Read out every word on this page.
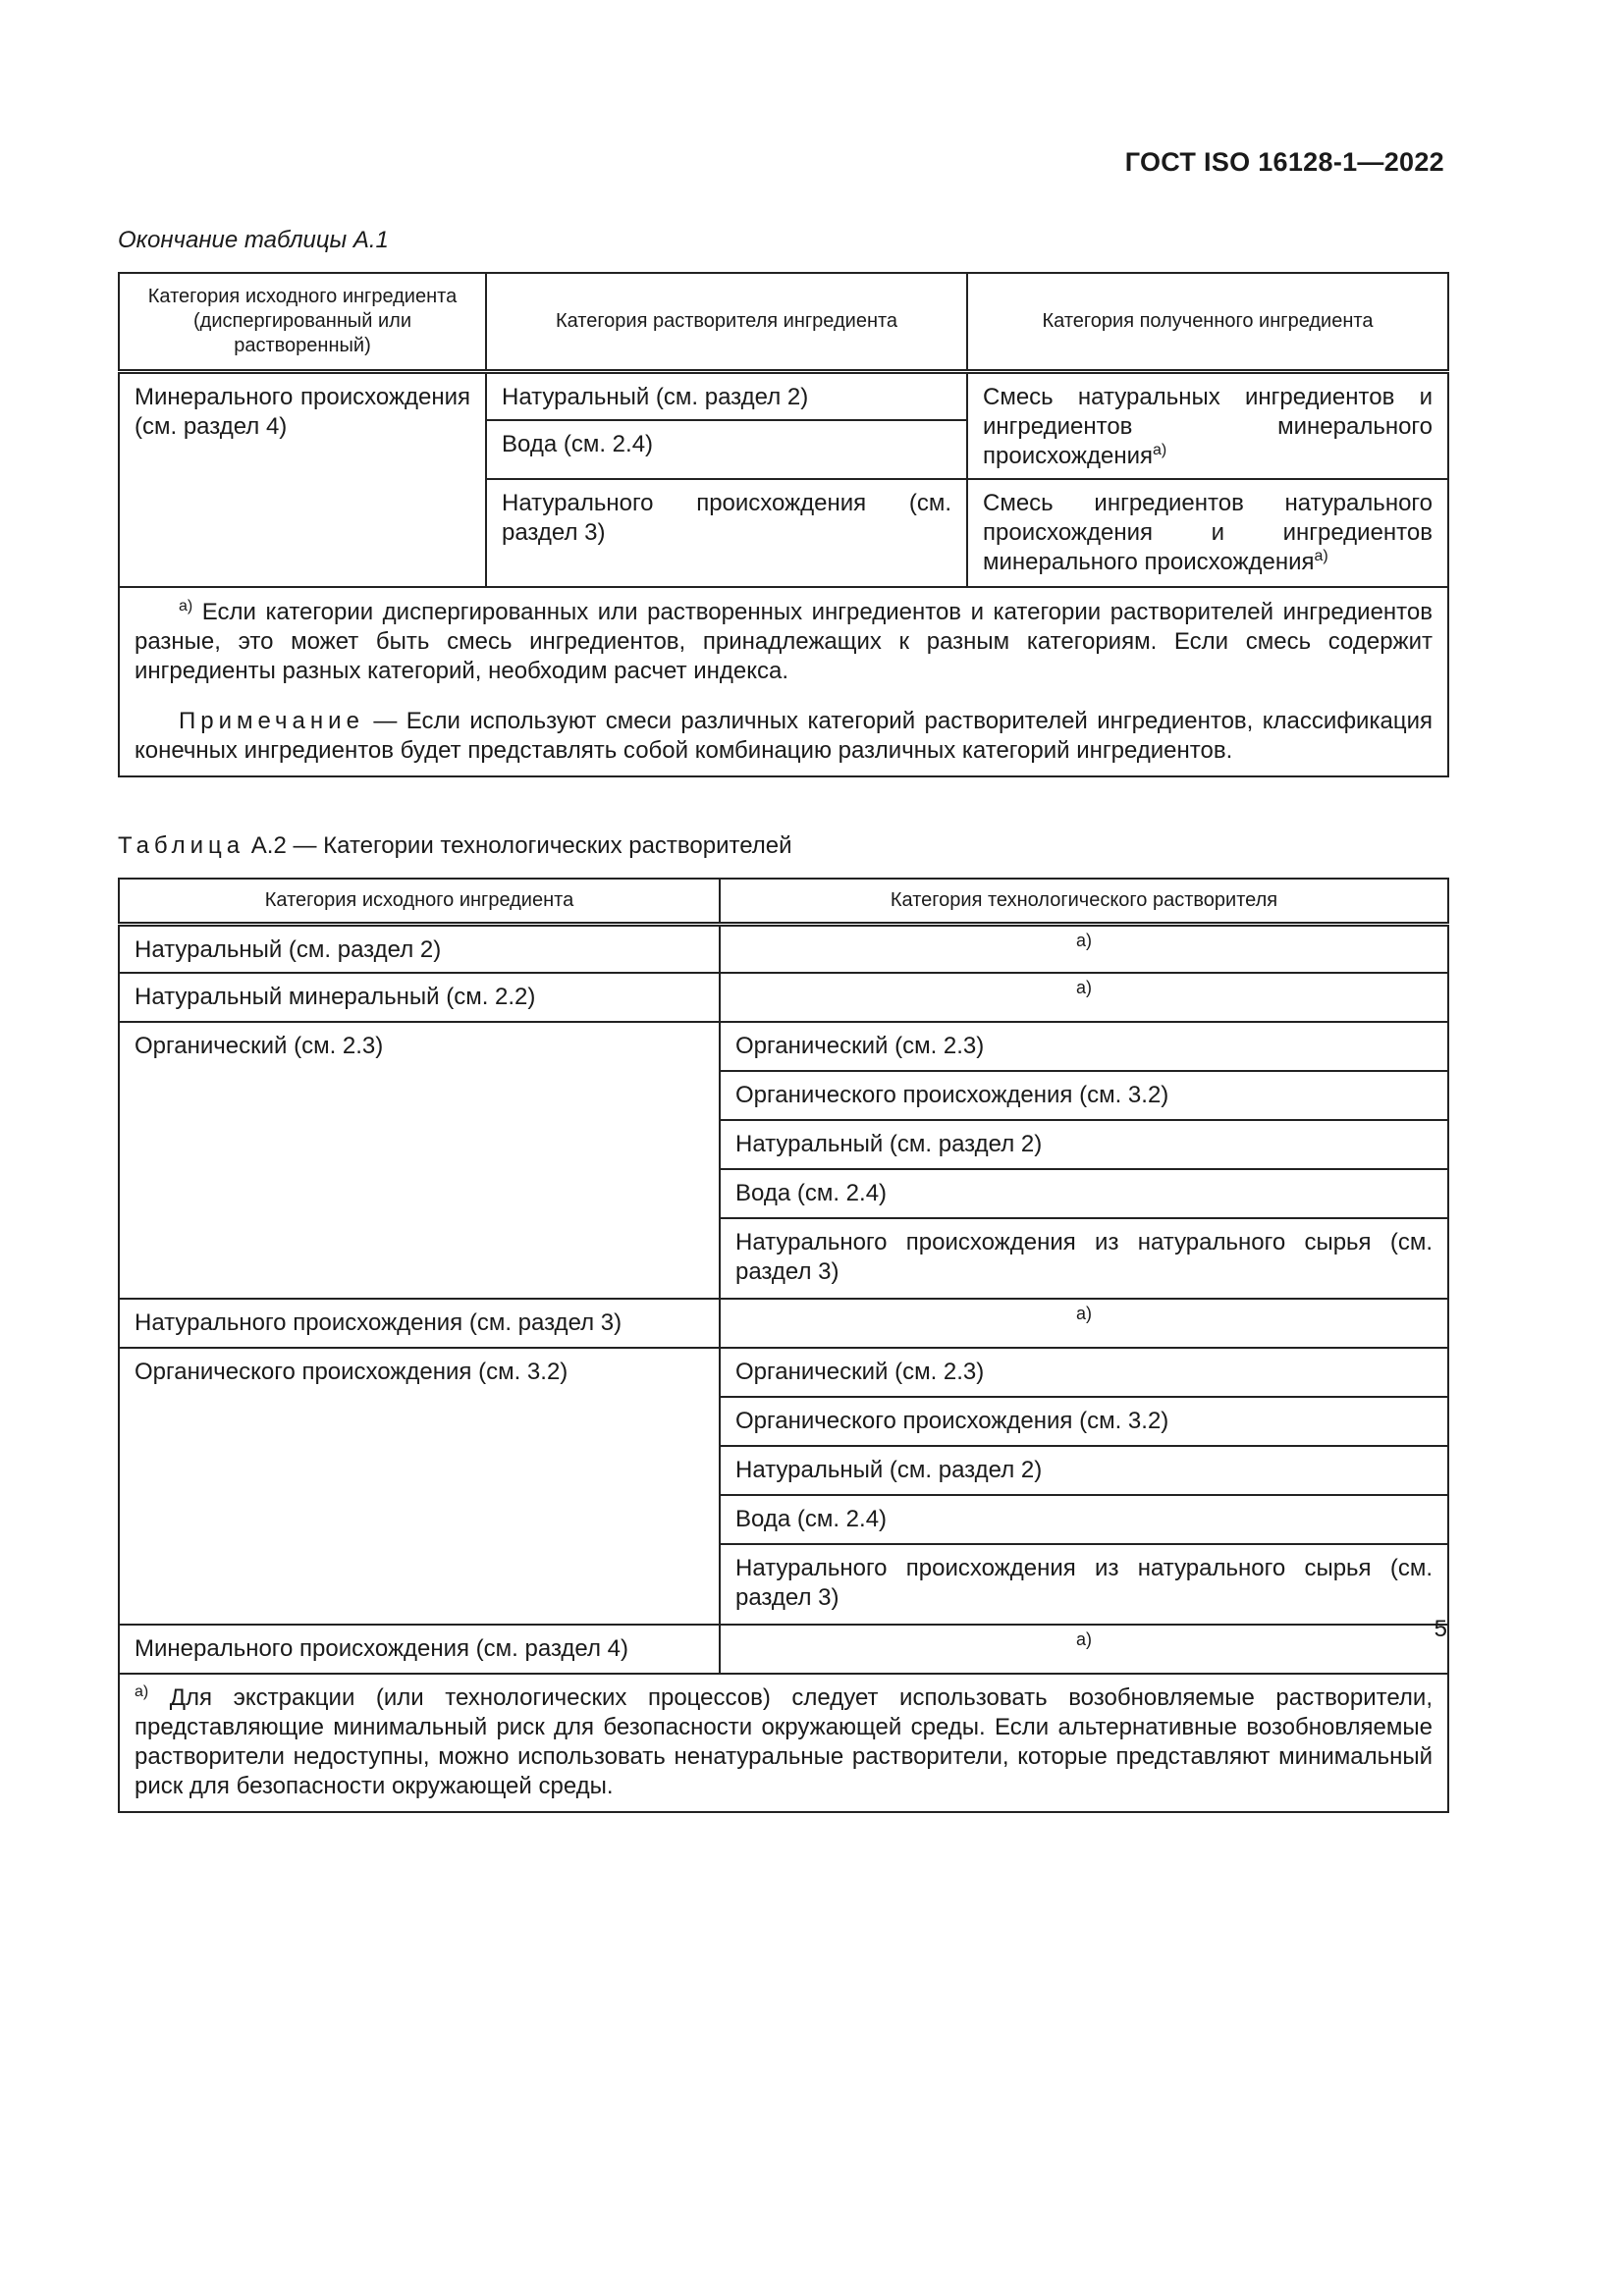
ГОСТ ISO 16128-1—2022
Окончание таблицы А.1
Категория исходного ингредиента (диспергированный или растворенный)	Категория растворителя ингредиента	Категория полученного ингредиента
Минерального происхождения (см. раздел 4)	Натуральный (см. раздел 2)	Смесь натуральных ингредиентов и ингредиентов минерального происхождения$^{а)}$
	Вода (см. 2.4)	
	Натурального происхождения (см. раздел 3)	Смесь ингредиентов натурального происхождения и ингредиентов минерального происхождения$^{а)}$

$^{а)}$ Если категории диспергированных или растворенных ингредиентов и категории растворителей ингредиентов разные, это может быть смесь ингредиентов, принадлежащих к разным категориям. Если смесь содержит ингредиенты разных категорий, необходим расчет индекса.

Примечание — Если используют смеси различных категорий растворителей ингредиентов, классификация конечных ингредиентов будет представлять собой комбинацию различных категорий ингредиентов.		

Таблица А.2 — Категории технологических растворителей
Категория исходного ингредиента	Категория технологического растворителя
Натуральный (см. раздел 2)	а)
Натуральный минеральный (см. 2.2)	а)
Органический (см. 2.3)	Органический (см. 2.3)
	Органического происхождения (см. 3.2)
	Натуральный (см. раздел 2)
	Вода (см. 2.4)
	Натурального происхождения из натурального сырья (см. раздел 3)
Натурального происхождения (см. раздел 3)	а)
Органического происхождения (см. 3.2)	Органический (см. 2.3)
	Органического происхождения (см. 3.2)
	Натуральный (см. раздел 2)
	Вода (см. 2.4)
	Натурального происхождения из натурального сырья (см. раздел 3)
Минерального происхождения (см. раздел 4)	а)
$^{а)}$ Для экстракции (или технологических процессов) следует использовать возобновляемые растворители, представляющие минимальный риск для безопасности окружающей среды. Если альтернативные возобновляемые растворители недоступны, можно использовать ненатуральные растворители, которые представляют минимальный риск для безопасности окружающей среды.	
5
